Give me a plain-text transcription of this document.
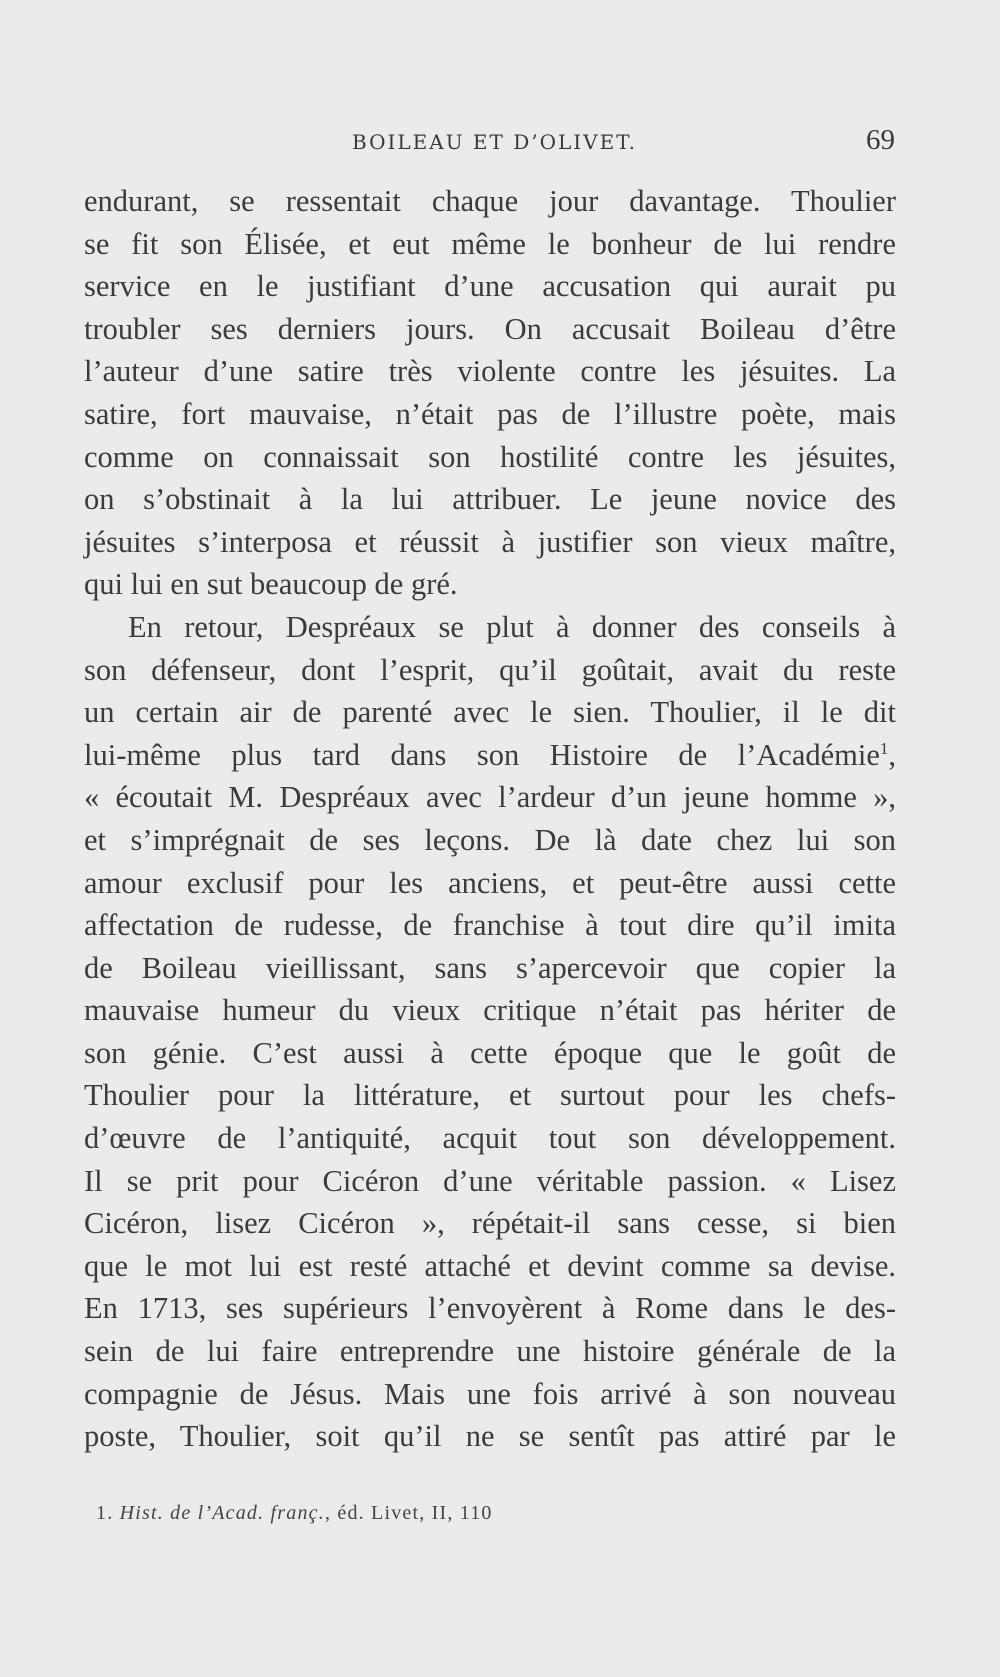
BOILEAU ET D’OLIVET.	69
endurant, se ressentait chaque jour davantage. Thoulier
se fit son Élisée, et eut même le bonheur de lui rendre
service en le justifiant d’une accusation qui aurait pu
troubler ses derniers jours. On accusait Boileau d’être
l’auteur d’une satire très violente contre les jésuites. La
satire, fort mauvaise, n’était pas de l’illustre poète, mais
comme on connaissait son hostilité contre les jésuites,
on s’obstinait à la lui attribuer. Le jeune novice des
jésuites s’interposa et réussit à justifier son vieux maître,
qui lui en sut beaucoup de gré.
En retour, Despréaux se plut à donner des conseils à
son défenseur, dont l’esprit, qu’il goûtait, avait du reste
un certain air de parenté avec le sien. Thoulier, il le dit
lui-même plus tard dans son Histoire de l’Académie$^1$,
« écoutait M. Despréaux avec l’ardeur d’un jeune homme »,
et s’imprégnait de ses leçons. De là date chez lui son
amour exclusif pour les anciens, et peut-être aussi cette
affectation de rudesse, de franchise à tout dire qu’il imita
de Boileau vieillissant, sans s’apercevoir que copier la
mauvaise humeur du vieux critique n’était pas hériter de
son génie. C’est aussi à cette époque que le goût de
Thoulier pour la littérature, et surtout pour les chefs-
d’œuvre de l’antiquité, acquit tout son développement.
Il se prit pour Cicéron d’une véritable passion. « Lisez
Cicéron, lisez Cicéron », répétait-il sans cesse, si bien
que le mot lui est resté attaché et devint comme sa devise.
En 1713, ses supérieurs l’envoyèrent à Rome dans le des-
sein de lui faire entreprendre une histoire générale de la
compagnie de Jésus. Mais une fois arrivé à son nouveau
poste, Thoulier, soit qu’il ne se sentît pas attiré par le
1. Hist. de l’Acad. franç., éd. Livet, II, 110
